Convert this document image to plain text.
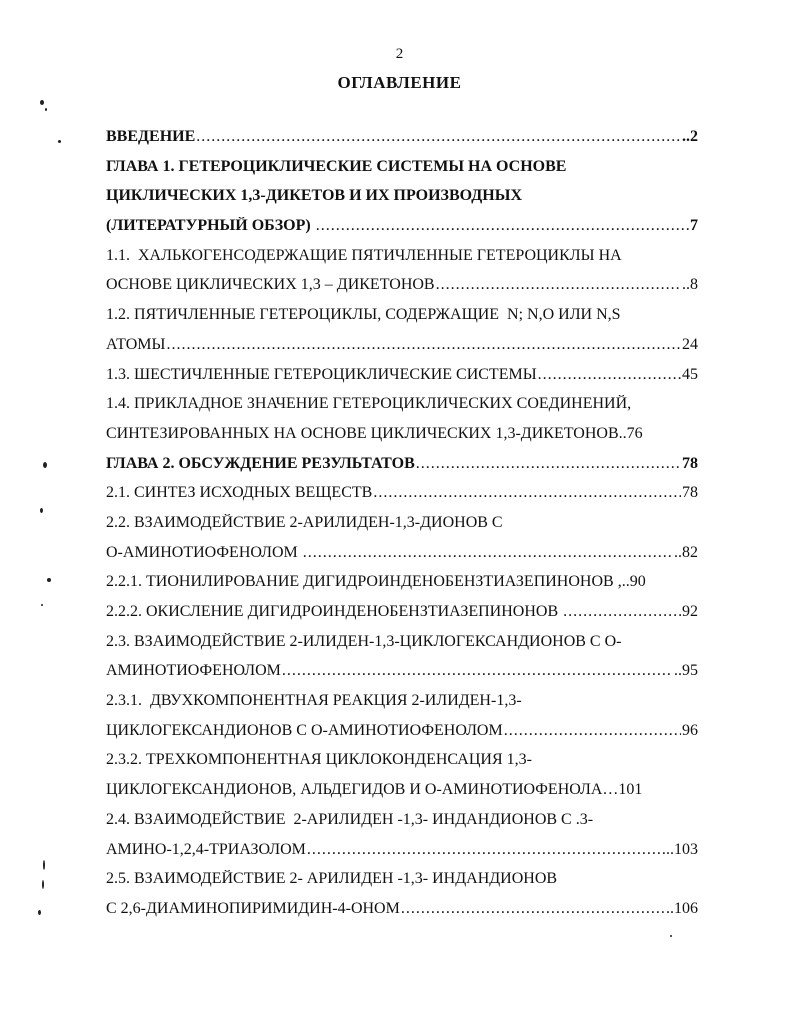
2
ОГЛАВЛЕНИЕ
ВВЕДЕНИЕ .....	..2
ГЛАВА 1. ГЕТЕРОЦИКЛИЧЕСКИЕ СИСТЕМЫ НА ОСНОВЕ
ЦИКЛИЧЕСКИХ 1,3-ДИКЕТОВ И ИХ ПРОИЗВОДНЫХ
(ЛИТЕРАТУРНЫЙ ОБЗОР) .....	7
1.1.  ХАЛЬКОГЕНСОДЕРЖАЩИЕ ПЯТИЧЛЕННЫЕ ГЕТЕРОЦИКЛЫ НА
ОСНОВЕ ЦИКЛИЧЕСКИХ 1,3 – ДИКЕТОНОВ .....	..8
1.2. ПЯТИЧЛЕННЫЕ ГЕТЕРОЦИКЛЫ, СОДЕРЖАЩИЕ  N; N,O ИЛИ N,S
АТОМЫ .....	24
1.3. ШЕСТИЧЛЕННЫЕ ГЕТЕРОЦИКЛИЧЕСКИЕ СИСТЕМЫ .....	45
1.4. ПРИКЛАДНОЕ ЗНАЧЕНИЕ ГЕТЕРОЦИКЛИЧЕСКИХ СОЕДИНЕНИЙ,
СИНТЕЗИРОВАННЫХ НА ОСНОВЕ ЦИКЛИЧЕСКИХ 1,3-ДИКЕТОНОВ..76
ГЛАВА 2. ОБСУЖДЕНИЕ РЕЗУЛЬТАТОВ .....	78
2.1. СИНТЕЗ ИСХОДНЫХ ВЕЩЕСТВ .....	78
2.2. ВЗАИМОДЕЙСТВИЕ 2-АРИЛИДЕН-1,3-ДИОНОВ С
О-АМИНОТИОФЕНОЛОМ .....	..82
2.2.1. ТИОНИЛИРОВАНИЕ ДИГИДРОИНДЕНОБЕНЗТИАЗЕПИНОНОВ ,..90
2.2.2. ОКИСЛЕНИЕ ДИГИДРОИНДЕНОБЕНЗТИАЗЕПИНОНОВ .....	92
2.3. ВЗАИМОДЕЙСТВИЕ 2-ИЛИДЕН-1,3-ЦИКЛОГЕКСАНДИОНОВ С О-
АМИНОТИОФЕНОЛОМ .....	..95
2.3.1.  ДВУХКОМПОНЕНТНАЯ РЕАКЦИЯ 2-ИЛИДЕН-1,3-
ЦИКЛОГЕКСАНДИОНОВ С О-АМИНОТИОФЕНОЛОМ .....	96
2.3.2. ТРЕХКОМПОНЕНТНАЯ ЦИКЛОКОНДЕНСАЦИЯ 1,3-
ЦИКЛОГЕКСАНДИОНОВ, АЛЬДЕГИДОВ И О-АМИНОТИОФЕНОЛА…101
2.4. ВЗАИМОДЕЙСТВИЕ  2-АРИЛИДЕН -1,3- ИНДАНДИОНОВ С .3-
АМИНО-1,2,4-ТРИАЗОЛОМ .....	..103
2.5. ВЗАИМОДЕЙСТВИЕ 2- АРИЛИДЕН -1,3- ИНДАНДИОНОВ
С 2,6-ДИАМИНОПИРИМИДИН-4-ОНОМ .....	..106
